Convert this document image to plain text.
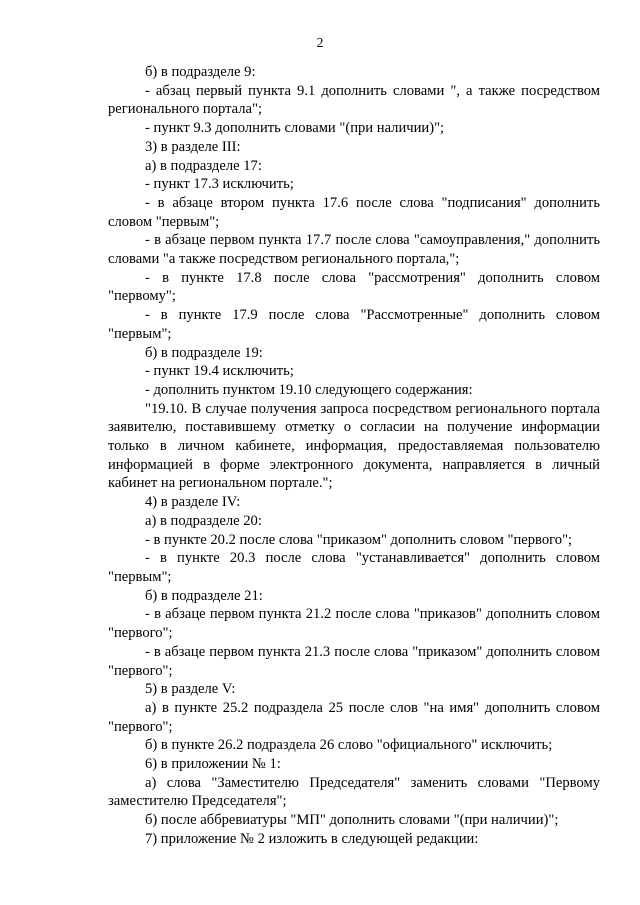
2

б) в подразделе 9:

- абзац первый пункта 9.1 дополнить словами ", а также посредством регионального портала";

- пункт 9.3 дополнить словами "(при наличии)";

3) в разделе III:

а) в подразделе 17:

- пункт 17.3 исключить;

- в абзаце втором пункта 17.6 после слова "подписания" дополнить словом "первым";

- в абзаце первом пункта 17.7 после слова "самоуправления," дополнить словами "а также посредством регионального портала,";

- в пункте 17.8 после слова "рассмотрения" дополнить словом "первому";

- в пункте 17.9 после слова "Рассмотренные" дополнить словом "первым";

б) в подразделе 19:

- пункт 19.4 исключить;

- дополнить пунктом 19.10 следующего содержания:

"19.10. В случае получения запроса посредством регионального портала заявителю, поставившему отметку о согласии на получение информации только в личном кабинете, информация, предоставляемая пользователю информацией в форме электронного документа, направляется в личный кабинет на региональном портале.";

4) в разделе IV:

а) в подразделе 20:

- в пункте 20.2 после слова "приказом" дополнить словом "первого";

- в пункте 20.3 после слова "устанавливается" дополнить словом "первым";

б) в подразделе 21:

- в абзаце первом пункта 21.2 после слова "приказов" дополнить словом "первого";

- в абзаце первом пункта 21.3 после слова "приказом" дополнить словом "первого";

5) в разделе V:

а) в пункте 25.2 подраздела 25 после слов "на имя" дополнить словом "первого";

б) в пункте 26.2 подраздела 26 слово "официального" исключить;

6) в приложении № 1:

а) слова "Заместителю Председателя" заменить словами "Первому заместителю Председателя";

б) после аббревиатуры "МП" дополнить словами "(при наличии)";

7) приложение № 2 изложить в следующей редакции:
